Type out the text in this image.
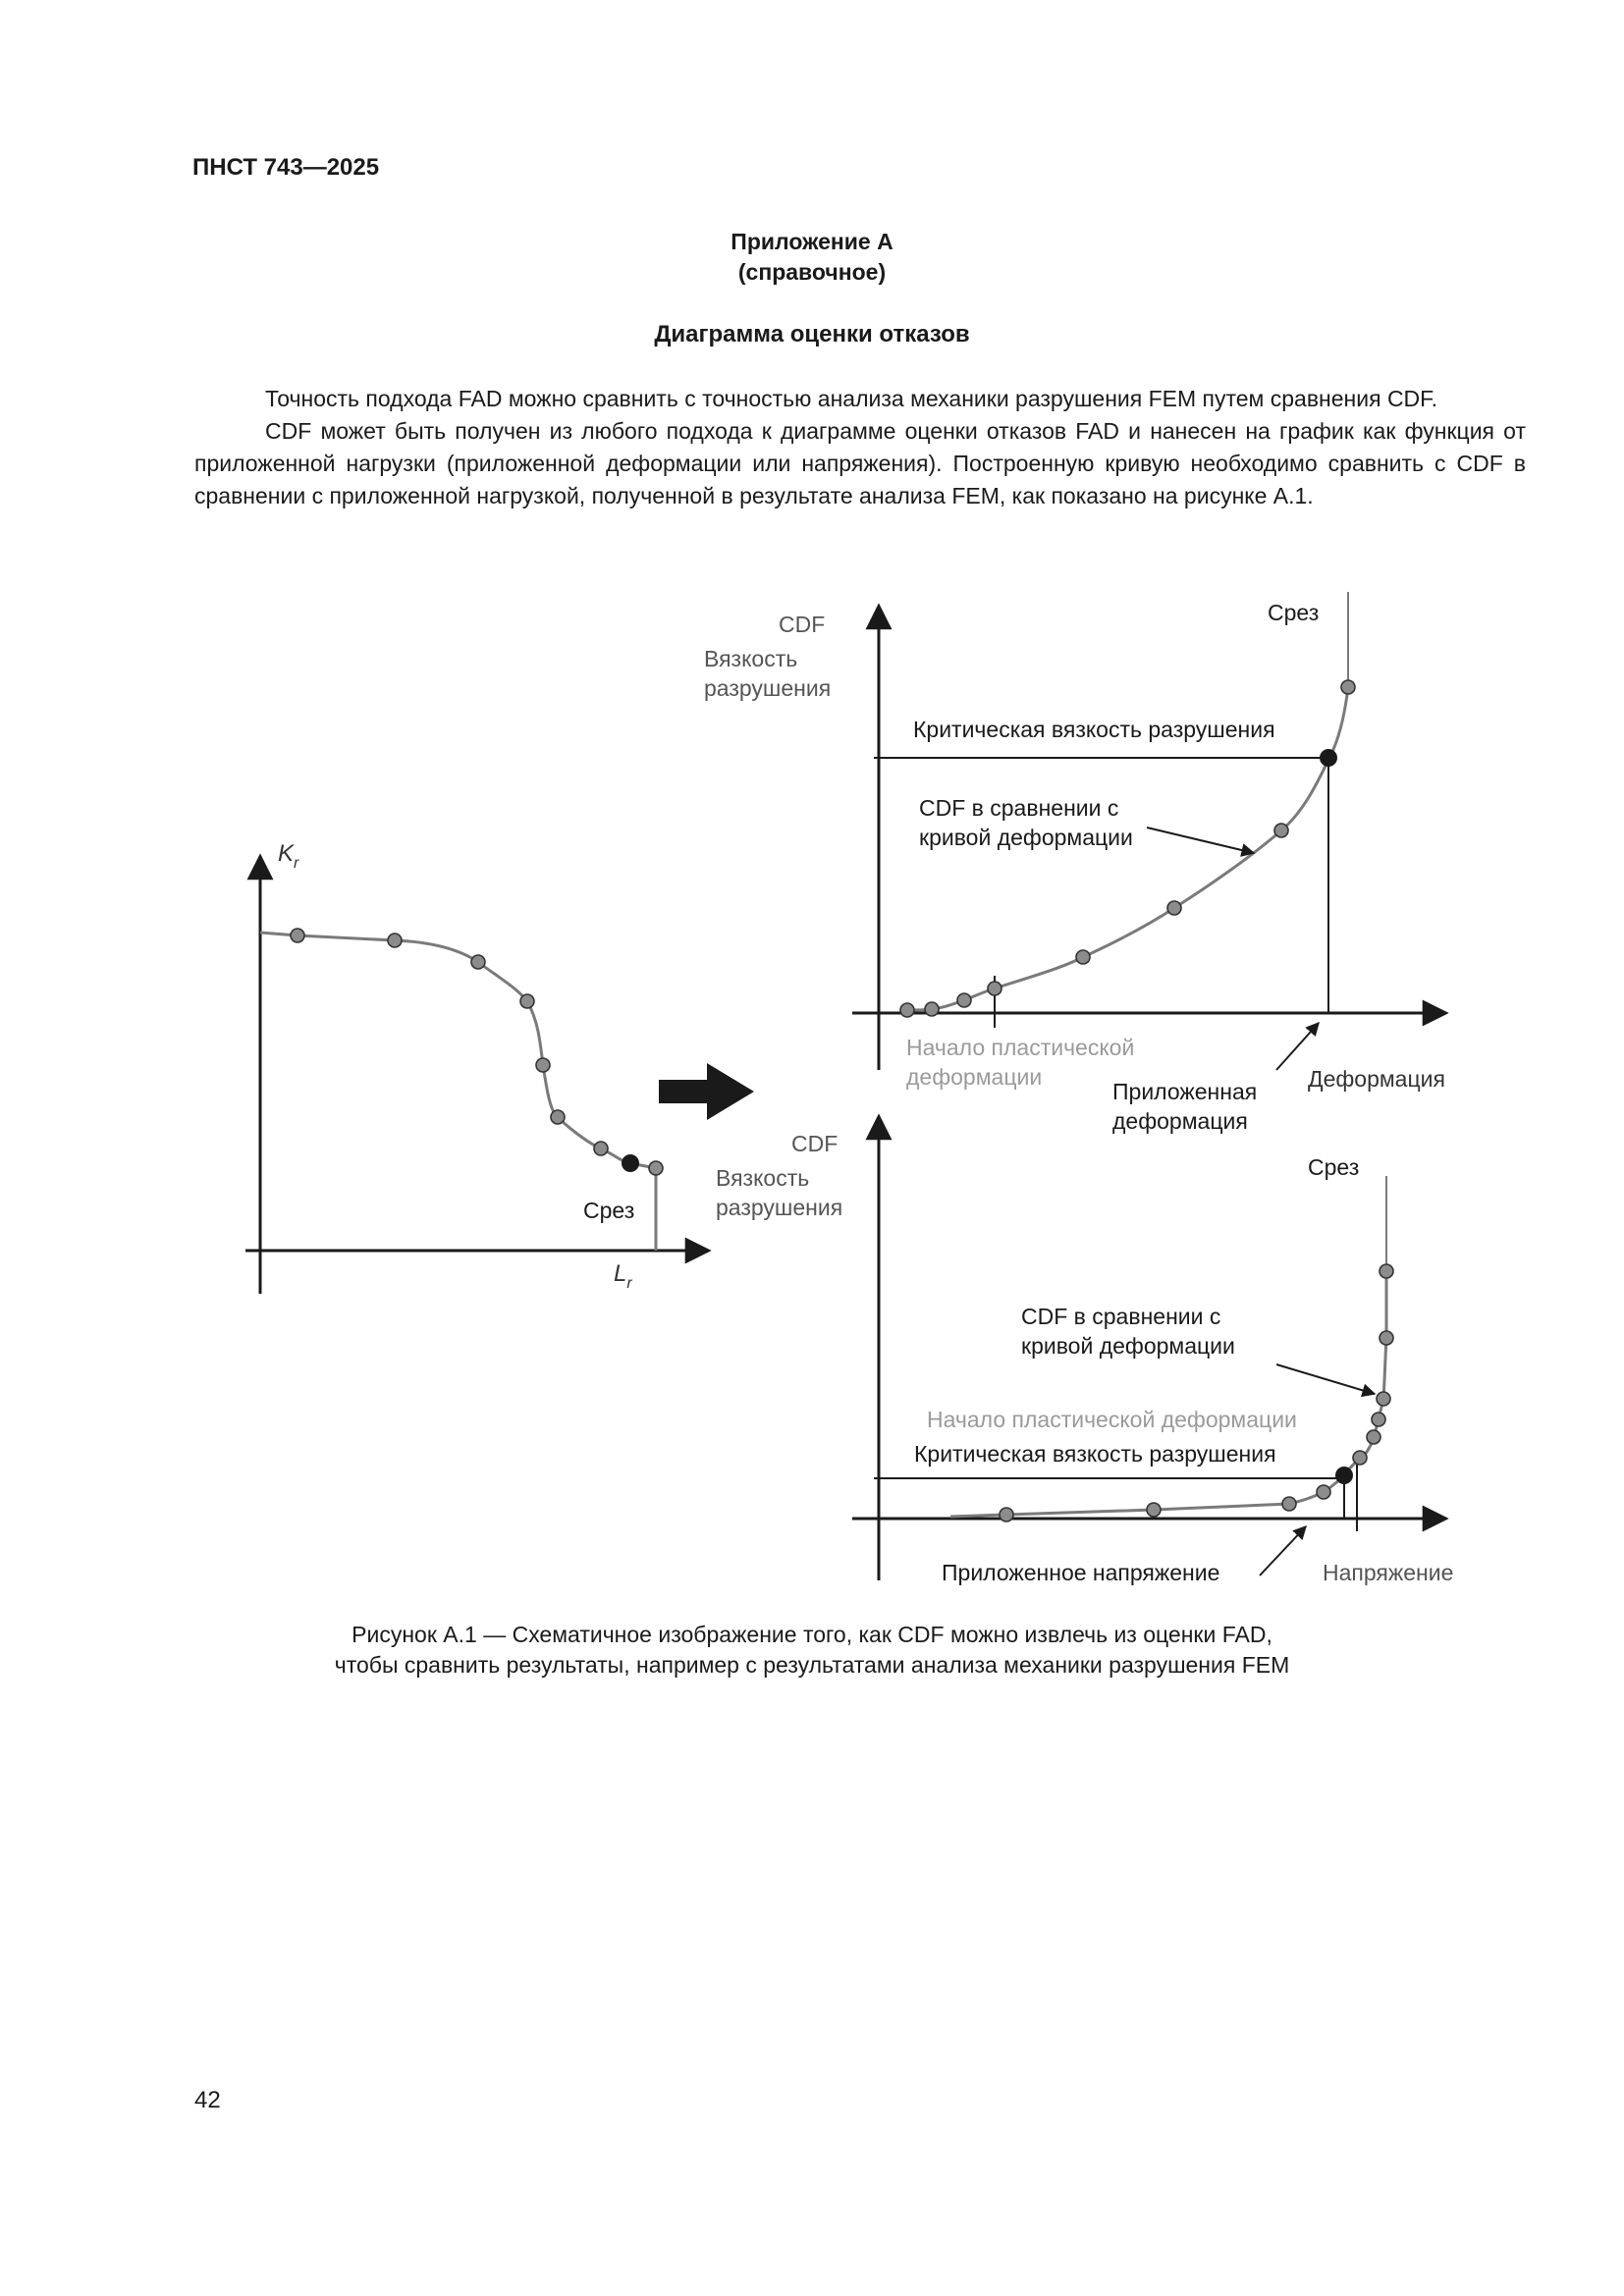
ПНСТ 743—2025
Приложение А
(справочное)
Диаграмма оценки отказов

Точность подхода FAD можно сравнить с точностью анализа механики разрушения FEM путем сравнения CDF.

CDF может быть получен из любого подхода к диаграмме оценки отказов FAD и нанесен на график как функция от приложенной нагрузки (приложенной деформации или напряжения). Построенную кривую необходимо сравнить с CDF в сравнении с приложенной нагрузкой, полученной в результате анализа FEM, как показано на рисунке А.1.

$K_r$
$L_r$
Срез
CDF
Вязкость
разрушения
Срез
Критическая вязкость разрушения
CDF в сравнении с
кривой деформации
Начало пластической
деформации
Приложенная
деформация
Деформация
CDF
Вязкость
разрушения
Срез
CDF в сравнении с
кривой деформации
Начало пластической деформации
Критическая вязкость разрушения
Приложенное напряжение	Напряжение
Рисунок А.1 — Схематичное изображение того, как CDF можно извлечь из оценки FAD,
чтобы сравнить результаты, например с результатами анализа механики разрушения FEM
42
